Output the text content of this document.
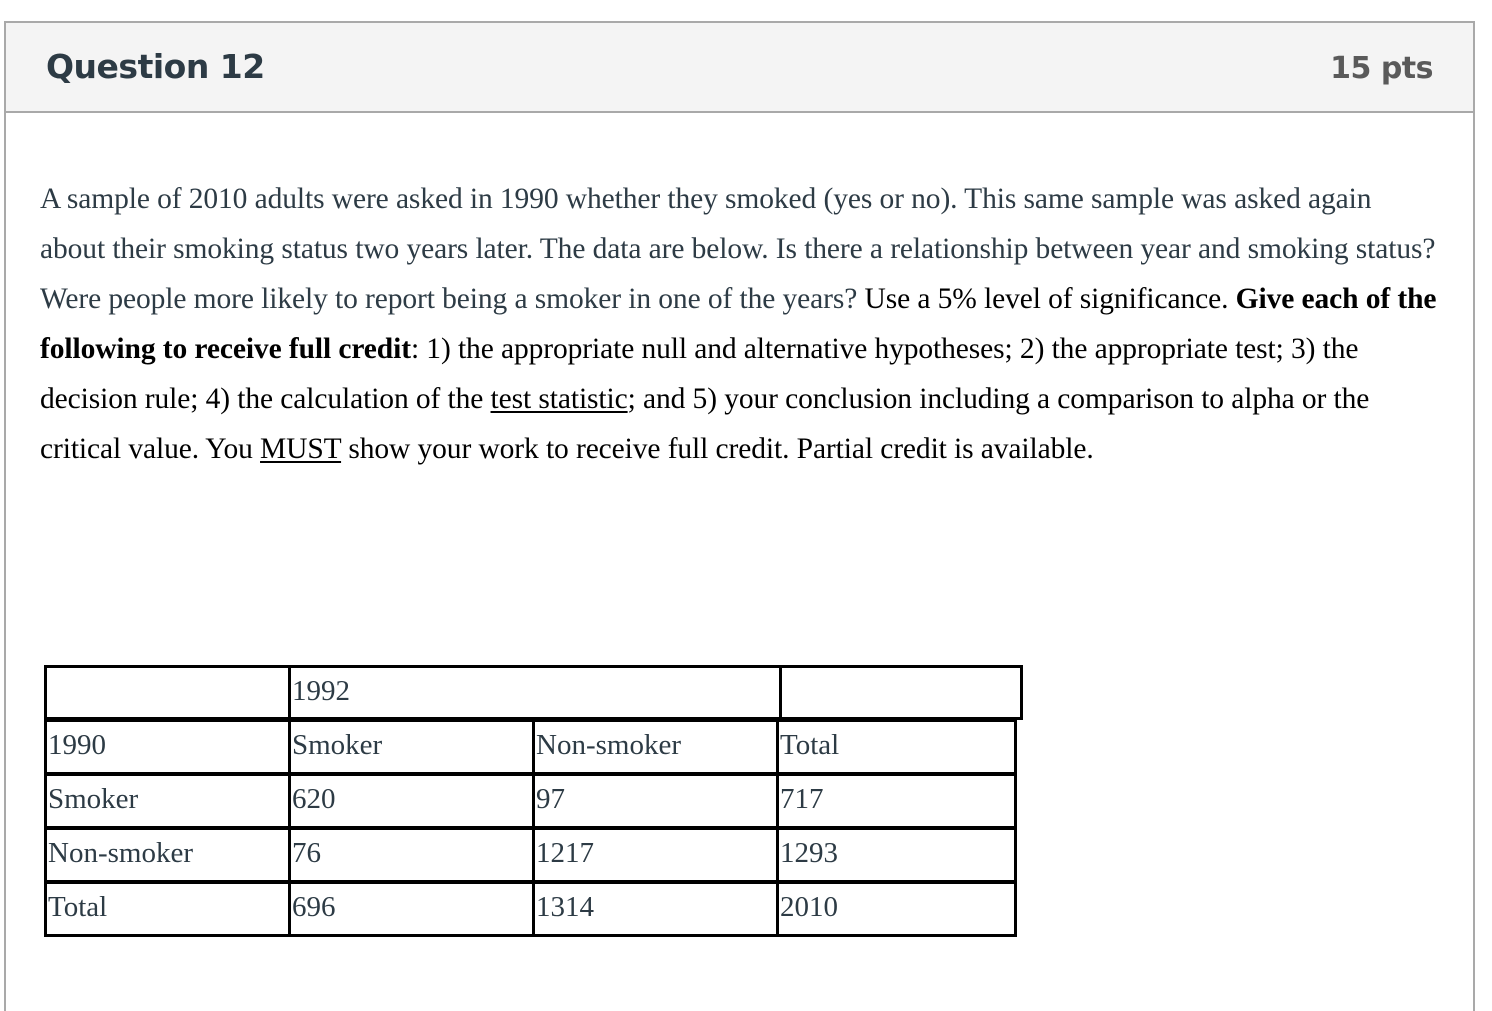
Question 12	15 pts
A sample of 2010 adults were asked in 1990 whether they smoked (yes or no). This same sample was asked again about their smoking status two years later. The data are below. Is there a relationship between year and smoking status? Were people more likely to report being a smoker in one of the years? Use a 5% level of significance. Give each of the following to receive full credit: 1) the appropriate null and alternative hypotheses; 2) the appropriate test; 3) the decision rule; 4) the calculation of the test statistic; and 5) your conclusion including a comparison to alpha or the critical value. You MUST show your work to receive full credit. Partial credit is available.
1992
1990	Smoker	Non-smoker	Total
Smoker	620	97	717
Non-smoker	76	1217	1293
Total	696	1314	2010
